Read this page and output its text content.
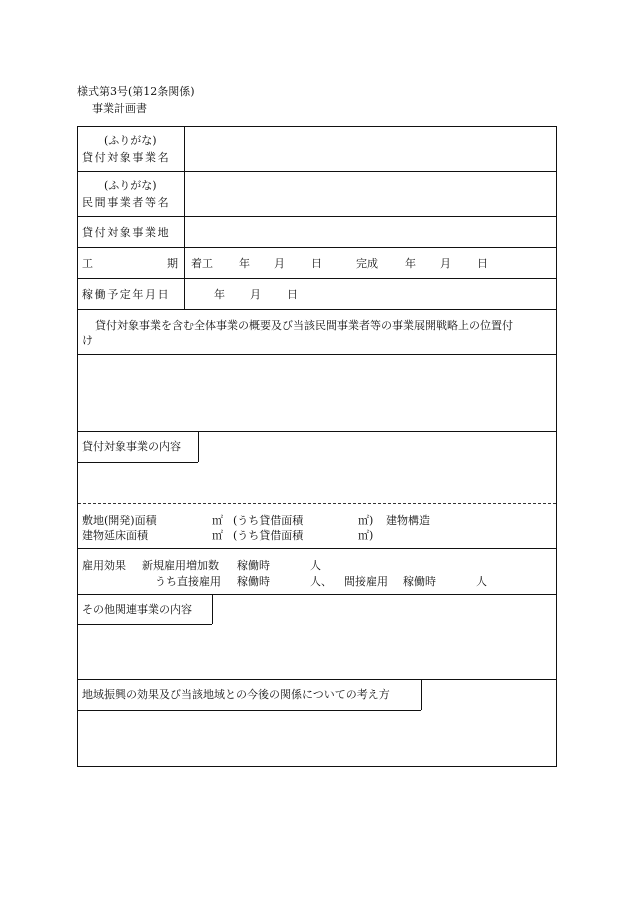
様式第3号(第12条関係)
事業計画書
(ふりがな)
貸付対象事業名
(ふりがな)
民間事業者等名
貸付対象事業地
工	期 着工 年 月 日	完成 年 月 日
稼働予定年月日	年 月 日
貸付対象事業を含む全体事業の概要及び当該民間事業者等の事業展開戦略上の位置付
け
貸付対象事業の内容
敷地(開発)面積	㎡ (うち貸借面積	㎡) 建物構造
建物延床面積	㎡ (うち貸借面積	㎡)
雇用効果 新規雇用増加数 稼働時	人
うち直接雇用 稼働時	人、 間接雇用 稼働時	人
その他関連事業の内容
地域振興の効果及び当該地域との今後の関係についての考え方
